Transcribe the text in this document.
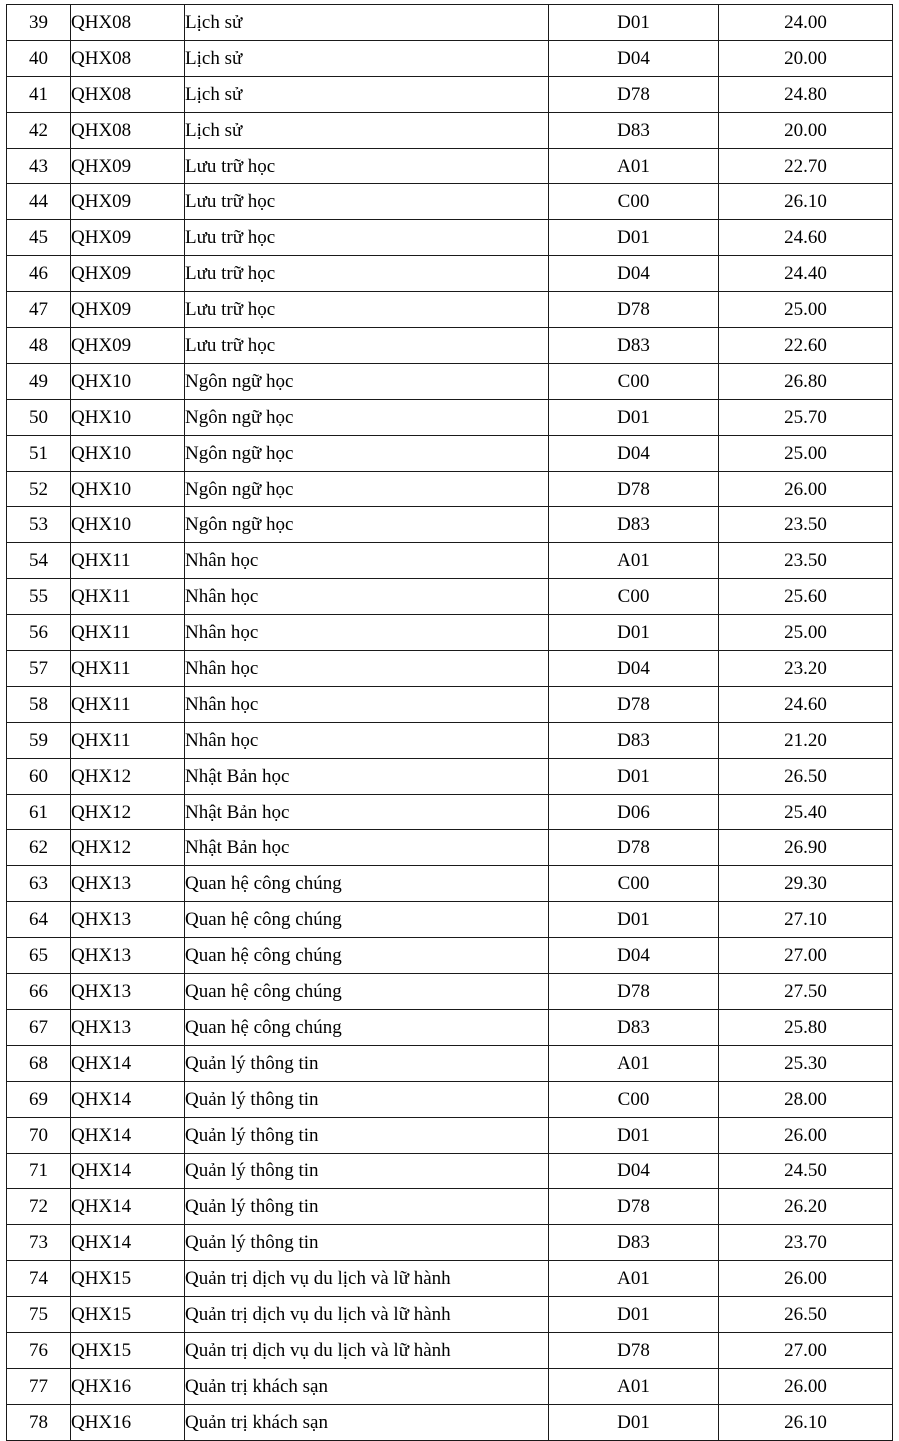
39	QHX08	Lịch sử	D01	24.00
40	QHX08	Lịch sử	D04	20.00
41	QHX08	Lịch sử	D78	24.80
42	QHX08	Lịch sử	D83	20.00
43	QHX09	Lưu trữ học	A01	22.70
44	QHX09	Lưu trữ học	C00	26.10
45	QHX09	Lưu trữ học	D01	24.60
46	QHX09	Lưu trữ học	D04	24.40
47	QHX09	Lưu trữ học	D78	25.00
48	QHX09	Lưu trữ học	D83	22.60
49	QHX10	Ngôn ngữ học	C00	26.80
50	QHX10	Ngôn ngữ học	D01	25.70
51	QHX10	Ngôn ngữ học	D04	25.00
52	QHX10	Ngôn ngữ học	D78	26.00
53	QHX10	Ngôn ngữ học	D83	23.50
54	QHX11	Nhân học	A01	23.50
55	QHX11	Nhân học	C00	25.60
56	QHX11	Nhân học	D01	25.00
57	QHX11	Nhân học	D04	23.20
58	QHX11	Nhân học	D78	24.60
59	QHX11	Nhân học	D83	21.20
60	QHX12	Nhật Bản học	D01	26.50
61	QHX12	Nhật Bản học	D06	25.40
62	QHX12	Nhật Bản học	D78	26.90
63	QHX13	Quan hệ công chúng	C00	29.30
64	QHX13	Quan hệ công chúng	D01	27.10
65	QHX13	Quan hệ công chúng	D04	27.00
66	QHX13	Quan hệ công chúng	D78	27.50
67	QHX13	Quan hệ công chúng	D83	25.80
68	QHX14	Quản lý thông tin	A01	25.30
69	QHX14	Quản lý thông tin	C00	28.00
70	QHX14	Quản lý thông tin	D01	26.00
71	QHX14	Quản lý thông tin	D04	24.50
72	QHX14	Quản lý thông tin	D78	26.20
73	QHX14	Quản lý thông tin	D83	23.70
74	QHX15	Quản trị dịch vụ du lịch và lữ hành	A01	26.00
75	QHX15	Quản trị dịch vụ du lịch và lữ hành	D01	26.50
76	QHX15	Quản trị dịch vụ du lịch và lữ hành	D78	27.00
77	QHX16	Quản trị khách sạn	A01	26.00
78	QHX16	Quản trị khách sạn	D01	26.10
